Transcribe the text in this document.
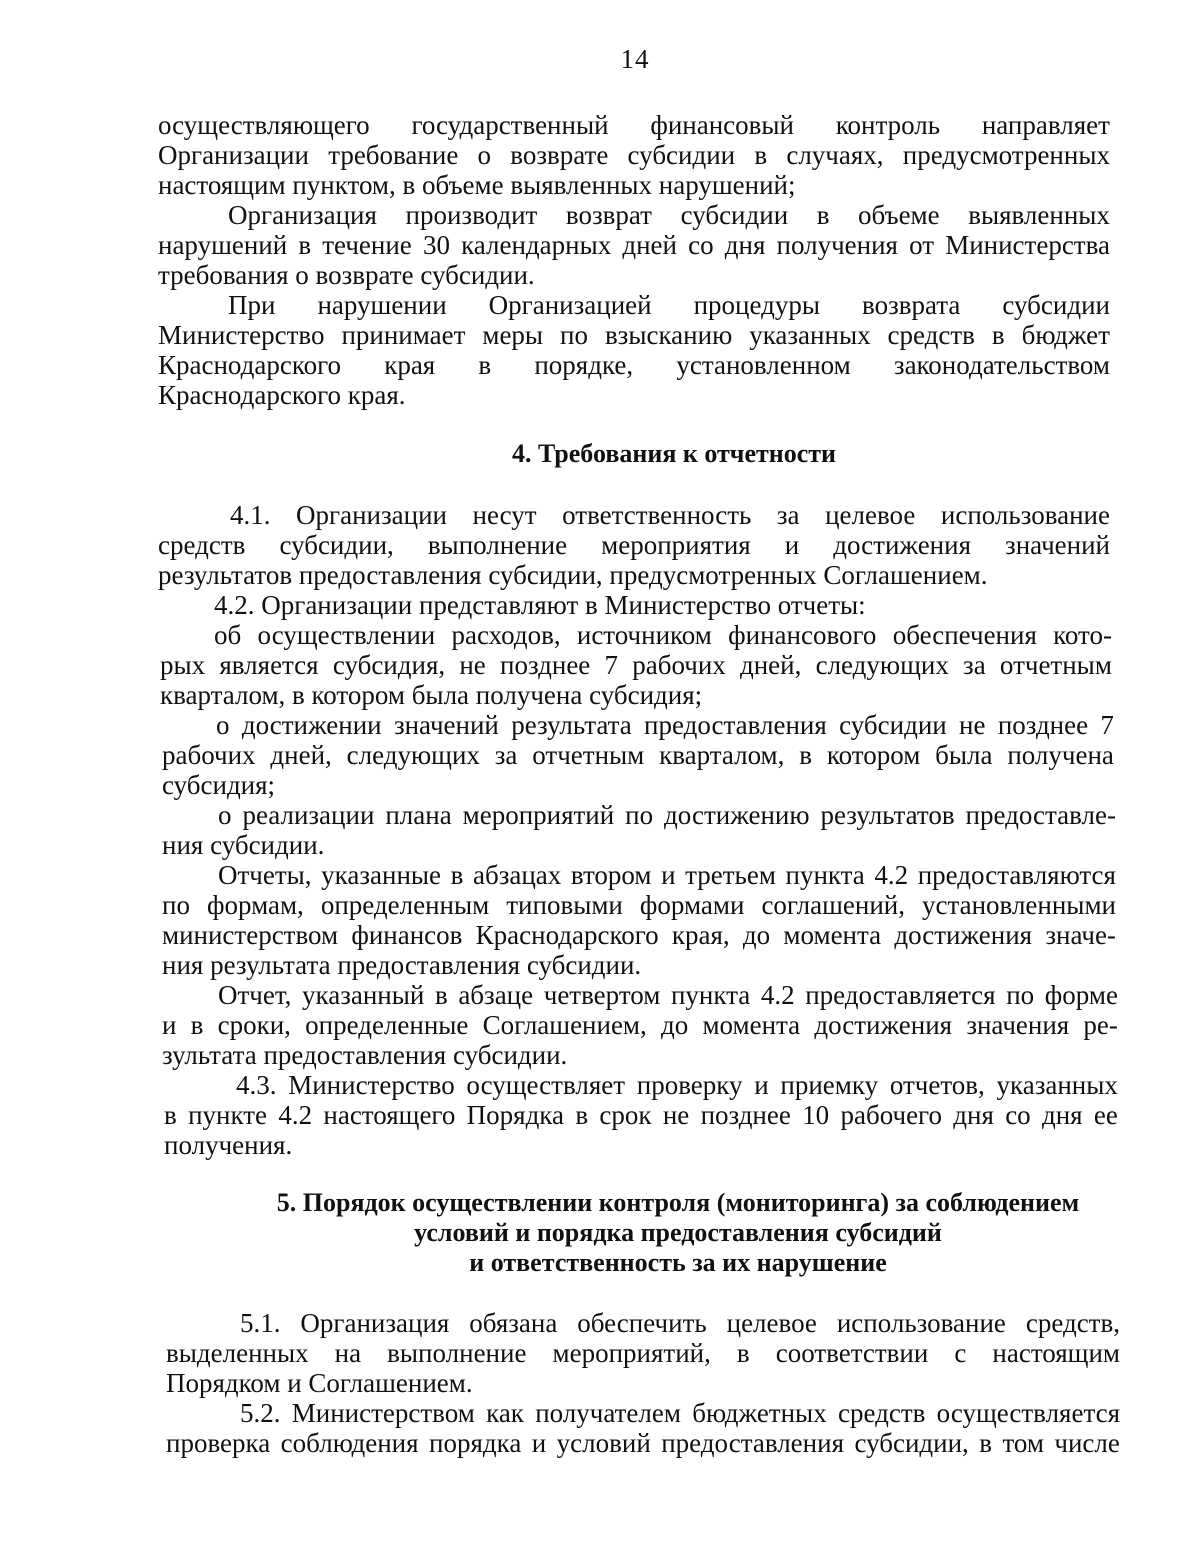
14
осуществляющего государственный финансовый контроль направляет
Организации требование о возврате субсидии в случаях, предусмотренных
настоящим пунктом, в объеме выявленных нарушений;
Организация производит возврат субсидии в объеме выявленных
нарушений в течение 30 календарных дней со дня получения от Министерства
требования о возврате субсидии.
При нарушении Организацией процедуры возврата субсидии
Министерство принимает меры по взысканию указанных средств в бюджет
Краснодарского края в порядке, установленном законодательством
Краснодарского края.
4. Требования к отчетности
4.1. Организации несут ответственность за целевое использование
средств субсидии, выполнение мероприятия и достижения значений
результатов предоставления субсидии, предусмотренных Соглашением.
4.2. Организации представляют в Министерство отчеты:
об осуществлении расходов, источником финансового обеспечения кото-
рых является субсидия, не позднее 7 рабочих дней, следующих за отчетным
кварталом, в котором была получена субсидия;
о достижении значений результата предоставления субсидии не позднее 7
рабочих дней, следующих за отчетным кварталом, в котором была получена
субсидия;
о реализации плана мероприятий по достижению результатов предоставле-
ния субсидии.
Отчеты, указанные в абзацах втором и третьем пункта 4.2 предоставляются
по формам, определенным типовыми формами соглашений, установленными
министерством финансов Краснодарского края, до момента достижения значе-
ния результата предоставления субсидии.
Отчет, указанный в абзаце четвертом пункта 4.2 предоставляется по форме
и в сроки, определенные Соглашением, до момента достижения значения ре-
зультата предоставления субсидии.
4.3. Министерство осуществляет проверку и приемку отчетов, указанных
в пункте 4.2 настоящего Порядка в срок не позднее 10 рабочего дня со дня ее
получения.
5. Порядок осуществлении контроля (мониторинга) за соблюдением
условий и порядка предоставления субсидий
и ответственность за их нарушение
5.1. Организация обязана обеспечить целевое использование средств,
выделенных на выполнение мероприятий, в соответствии с настоящим
Порядком и Соглашением.
5.2. Министерством как получателем бюджетных средств осуществляется
проверка соблюдения порядка и условий предоставления субсидии, в том числе
